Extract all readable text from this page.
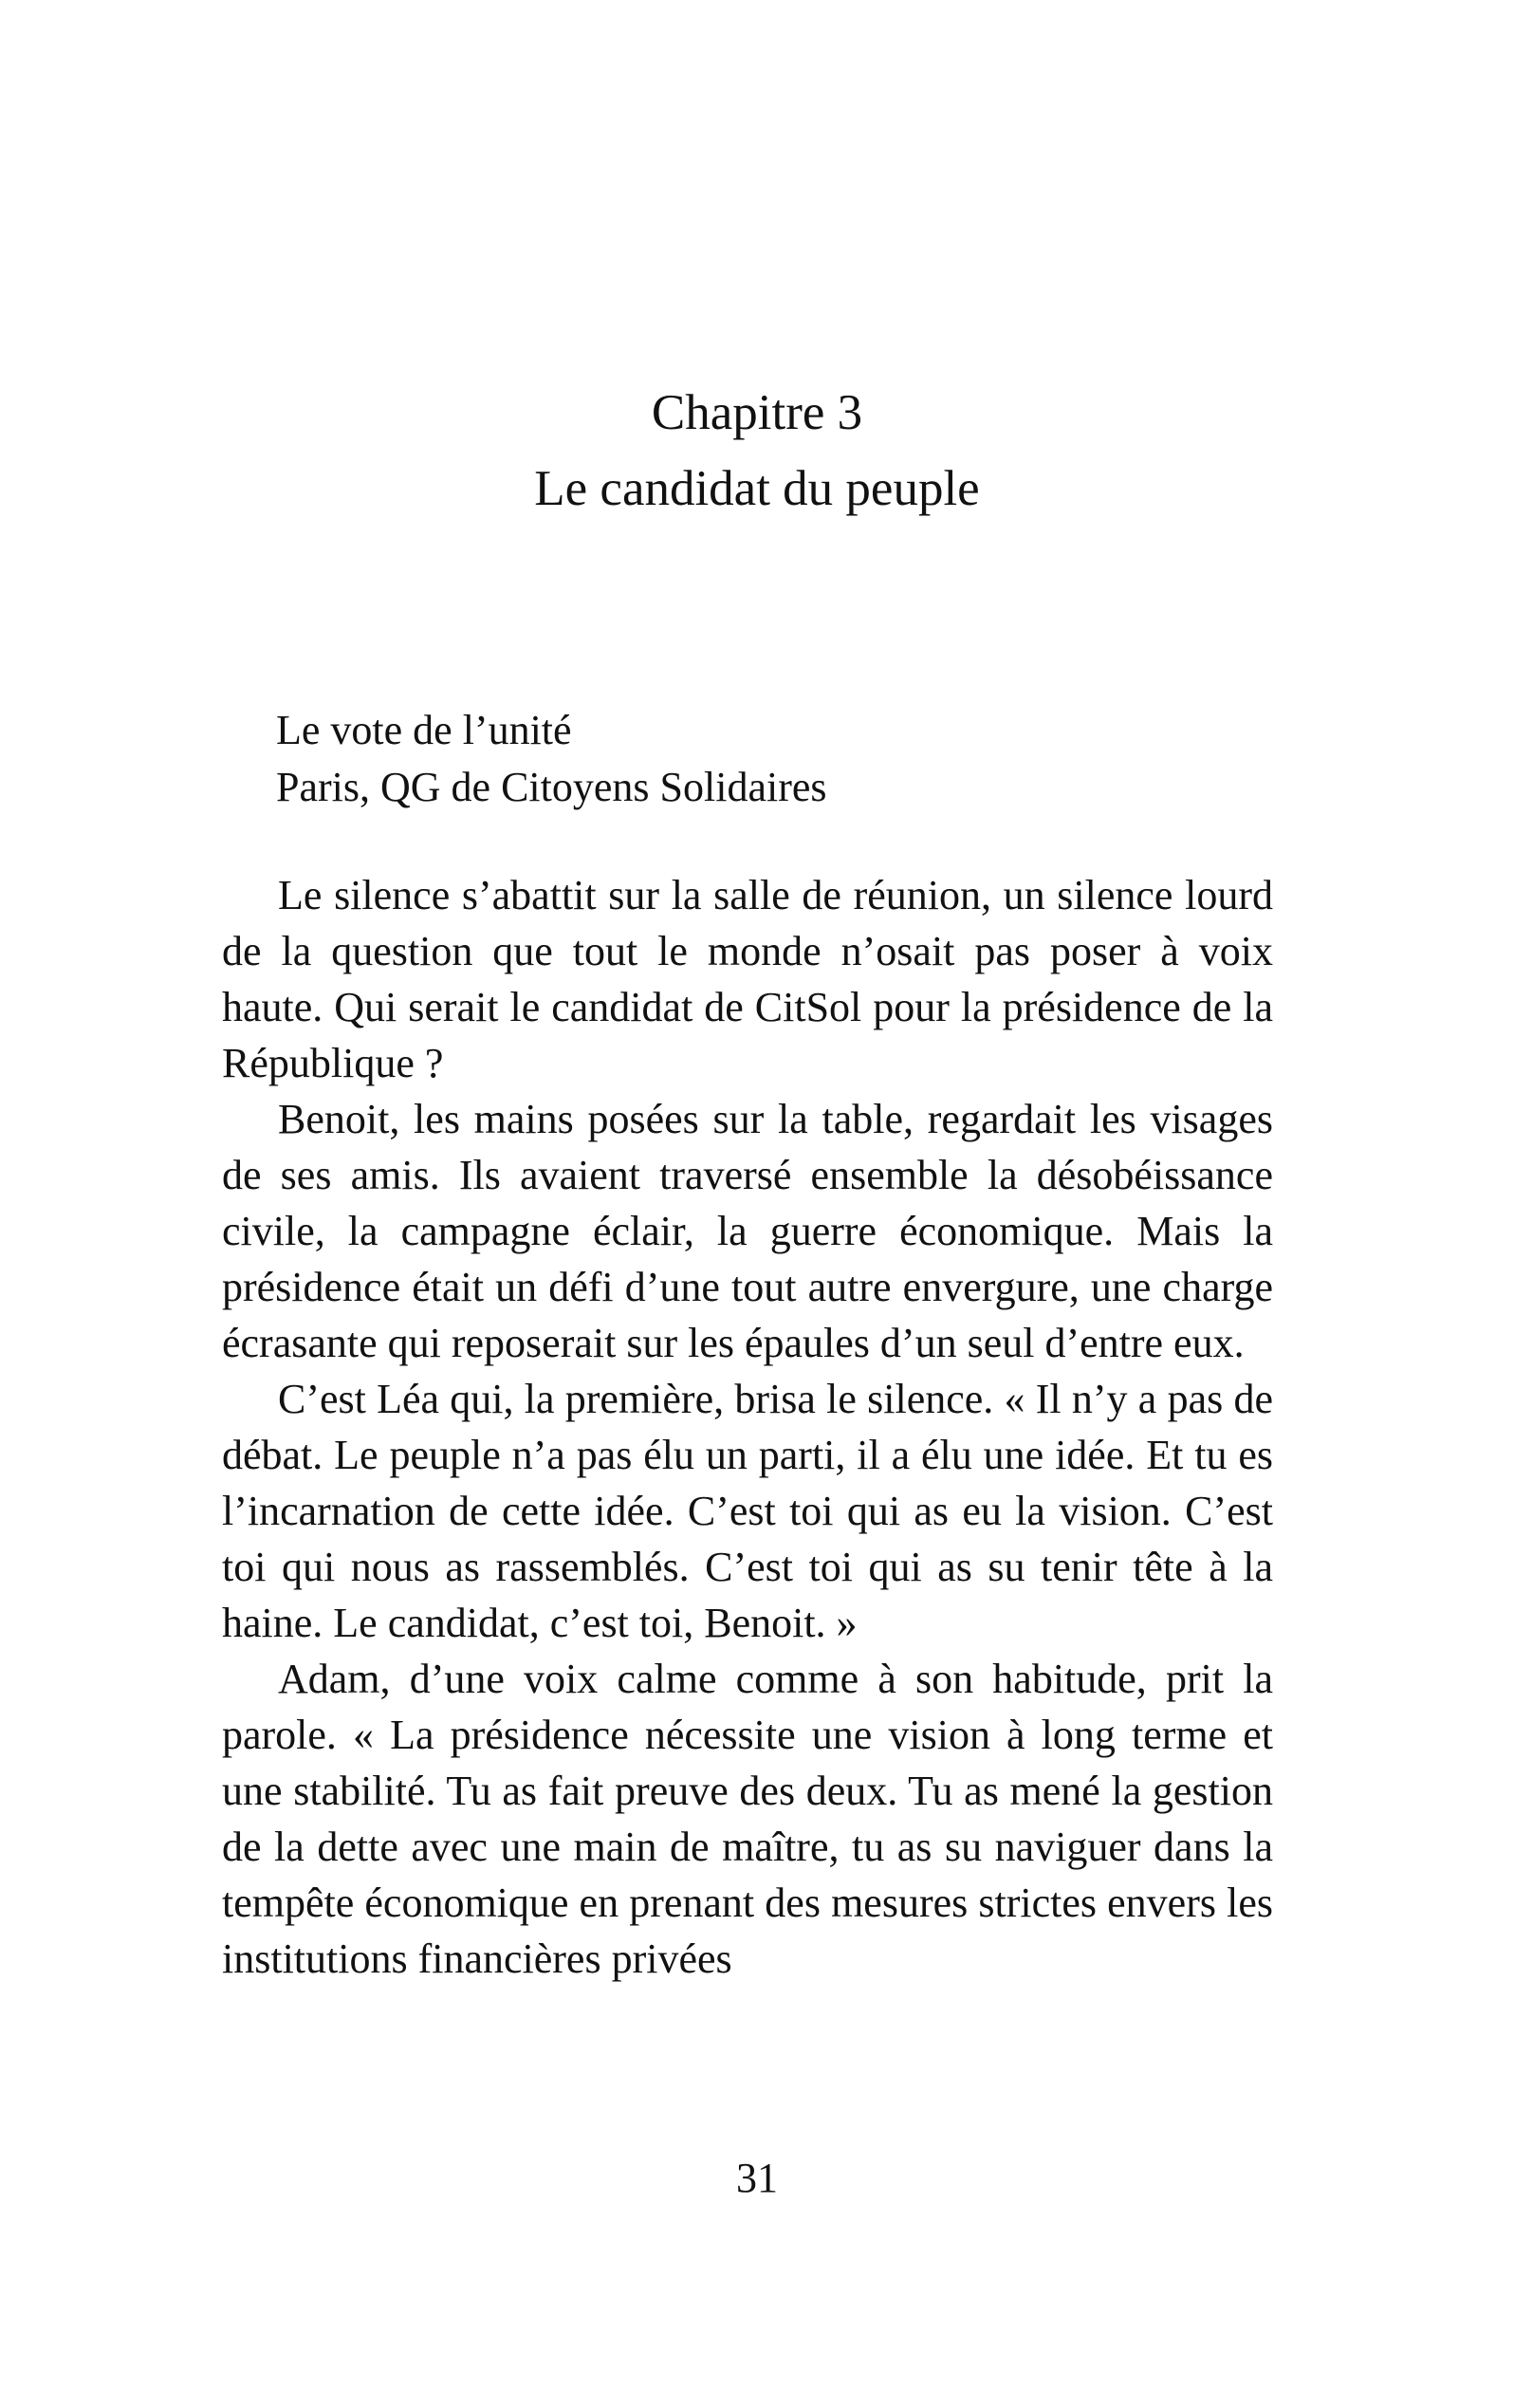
Chapitre 3
Le candidat du peuple
Le vote de l’unité
Paris, QG de Citoyens Solidaires

Le silence s’abattit sur la salle de réunion, un silence lourd de la question que tout le monde n’osait pas poser à voix haute. Qui serait le candidat de CitSol pour la présidence de la République ?

Benoit, les mains posées sur la table, regardait les visages de ses amis. Ils avaient traversé ensemble la désobéissance civile, la campagne éclair, la guerre économique. Mais la présidence était un défi d’une tout autre envergure, une charge écrasante qui reposerait sur les épaules d’un seul d’entre eux.

C’est Léa qui, la première, brisa le silence. « Il n’y a pas de débat. Le peuple n’a pas élu un parti, il a élu une idée. Et tu es l’incarnation de cette idée. C’est toi qui as eu la vision. C’est toi qui nous as rassemblés. C’est toi qui as su tenir tête à la haine. Le candidat, c’est toi, Benoit. »

Adam, d’une voix calme comme à son habitude, prit la parole. « La présidence nécessite une vision à long terme et une stabilité. Tu as fait preuve des deux. Tu as mené la gestion de la dette avec une main de maître, tu as su naviguer dans la tempête économique en prenant des mesures strictes envers les institutions financières privées

31
